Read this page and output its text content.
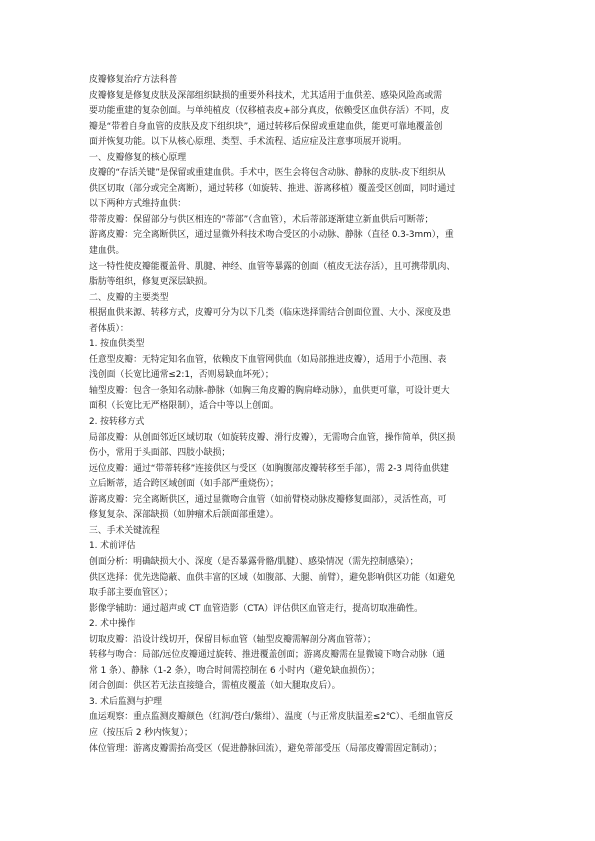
皮瓣修复治疗方法科普
皮瓣修复是修复皮肤及深部组织缺损的重要外科技术，尤其适用于血供差、感染风险高或需
要功能重建的复杂创面。与单纯植皮（仅移植表皮+部分真皮，依赖受区血供存活）不同，皮
瓣是“带着自身血管的皮肤及皮下组织块”，通过转移后保留或重建血供，能更可靠地覆盖创
面并恢复功能。以下从核心原理、类型、手术流程、适应症及注意事项展开说明。
一、皮瓣修复的核心原理
皮瓣的“存活关键”是保留或重建血供。手术中，医生会将包含动脉、静脉的皮肤-皮下组织从
供区切取（部分或完全离断），通过转移（如旋转、推进、游离移植）覆盖受区创面，同时通过
以下两种方式维持血供：
带蒂皮瓣：保留部分与供区相连的“蒂部”（含血管），术后蒂部逐渐建立新血供后可断蒂；
游离皮瓣：完全离断供区，通过显微外科技术吻合受区的小动脉、静脉（直径 0.3-3mm），重
建血供。
这一特性使皮瓣能覆盖骨、肌腱、神经、血管等暴露的创面（植皮无法存活），且可携带肌肉、
脂肪等组织，修复更深层缺损。
二、皮瓣的主要类型
根据血供来源、转移方式，皮瓣可分为以下几类（临床选择需结合创面位置、大小、深度及患
者体质）：
1. 按血供类型
任意型皮瓣：无特定知名血管，依赖皮下血管网供血（如局部推进皮瓣），适用于小范围、表
浅创面（长宽比通常≤2:1，否则易缺血坏死）；
轴型皮瓣：包含一条知名动脉-静脉（如胸三角皮瓣的胸肩峰动脉），血供更可靠，可设计更大
面积（长宽比无严格限制），适合中等以上创面。
2. 按转移方式
局部皮瓣：从创面邻近区域切取（如旋转皮瓣、滑行皮瓣），无需吻合血管，操作简单，供区损
伤小，常用于头面部、四肢小缺损；
远位皮瓣：通过“带蒂转移”连接供区与受区（如胸腹部皮瓣转移至手部），需 2-3 周待血供建
立后断蒂，适合跨区域创面（如手部严重烧伤）；
游离皮瓣：完全离断供区，通过显微吻合血管（如前臂桡动脉皮瓣修复面部），灵活性高，可
修复复杂、深部缺损（如肿瘤术后颌面部重建）。
三、手术关键流程
1. 术前评估
创面分析：明确缺损大小、深度（是否暴露骨骼/肌腱）、感染情况（需先控制感染）；
供区选择：优先选隐蔽、血供丰富的区域（如腹部、大腿、前臂），避免影响供区功能（如避免
取手部主要血管区）；
影像学辅助：通过超声或 CT 血管造影（CTA）评估供区血管走行，提高切取准确性。
2. 术中操作
切取皮瓣：沿设计线切开，保留目标血管（轴型皮瓣需解剖分离血管蒂）；
转移与吻合：局部/远位皮瓣通过旋转、推进覆盖创面；游离皮瓣需在显微镜下吻合动脉（通
常 1 条）、静脉（1-2 条），吻合时间需控制在 6 小时内（避免缺血损伤）；
闭合创面：供区若无法直接缝合，需植皮覆盖（如大腿取皮后）。
3. 术后监测与护理
血运观察：重点监测皮瓣颜色（红润/苍白/紫绀）、温度（与正常皮肤温差≤2℃）、毛细血管反
应（按压后 2 秒内恢复）；
体位管理：游离皮瓣需抬高受区（促进静脉回流），避免蒂部受压（局部皮瓣需固定制动）；
